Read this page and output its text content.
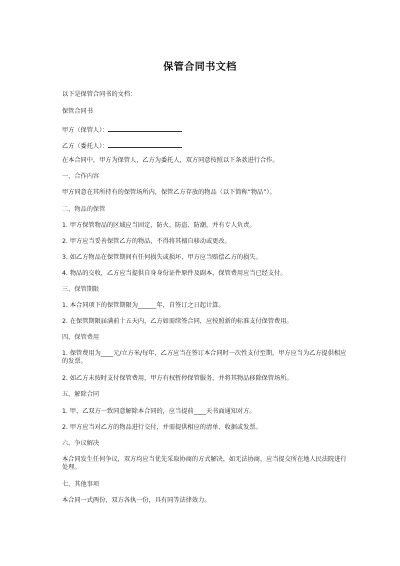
保管合同书文档
以下是保管合同书的文档：
保管合同书
甲方（保管人）：
乙方（委托人）：
在本合同中，甲方为保管人，乙方为委托人，双方同意按照以下条款进行合作。
一、合作内容
甲方同意在其所持有的保管场所内，保管乙方存放的物品（以下简称“物品”）。
二、物品的保管
1. 甲方保管物品的区域应当固定，防火、防盗、防潮，并有专人负责。
2. 甲方应当妥善保管乙方的物品，不得将其擅自移动或更改。
3. 如乙方物品在保管期间有任何损失或损坏，甲方应当赔偿乙方的损失。
4. 物品的交收，乙方应当提供自身身份证件原件及副本，保管费用应当已经支付。
三、保管期限
1. 本合同项下的保管期限为______年，自签订之日起计算。
2. 在保管期限届满前十五天内，乙方如需续签合同，应按照新的标准支付保管费用。
四、保管费用
1. 保管费用为____元/立方米/每年，乙方应当在签订本合同时一次性支付至期，甲方应当为乙方提供相应的发票。
2. 如乙方未按时支付保管费用，甲方有权暂停保管服务，并将其物品移除保管场所。
五、解除合同
1. 甲、乙双方一致同意解除本合同的，应当提前____天书面通知对方。
2. 甲方应当对乙方的物品进行交付，并需提供相应的清单、收据或发票。
六、争议解决
本合同发生任何争议，双方均应当优先采取协商的方式解决，如无法协商，应当提交所在地人民法院进行处理。
七、其他事项
本合同一式两份，双方各执一份，具有同等法律效力。
